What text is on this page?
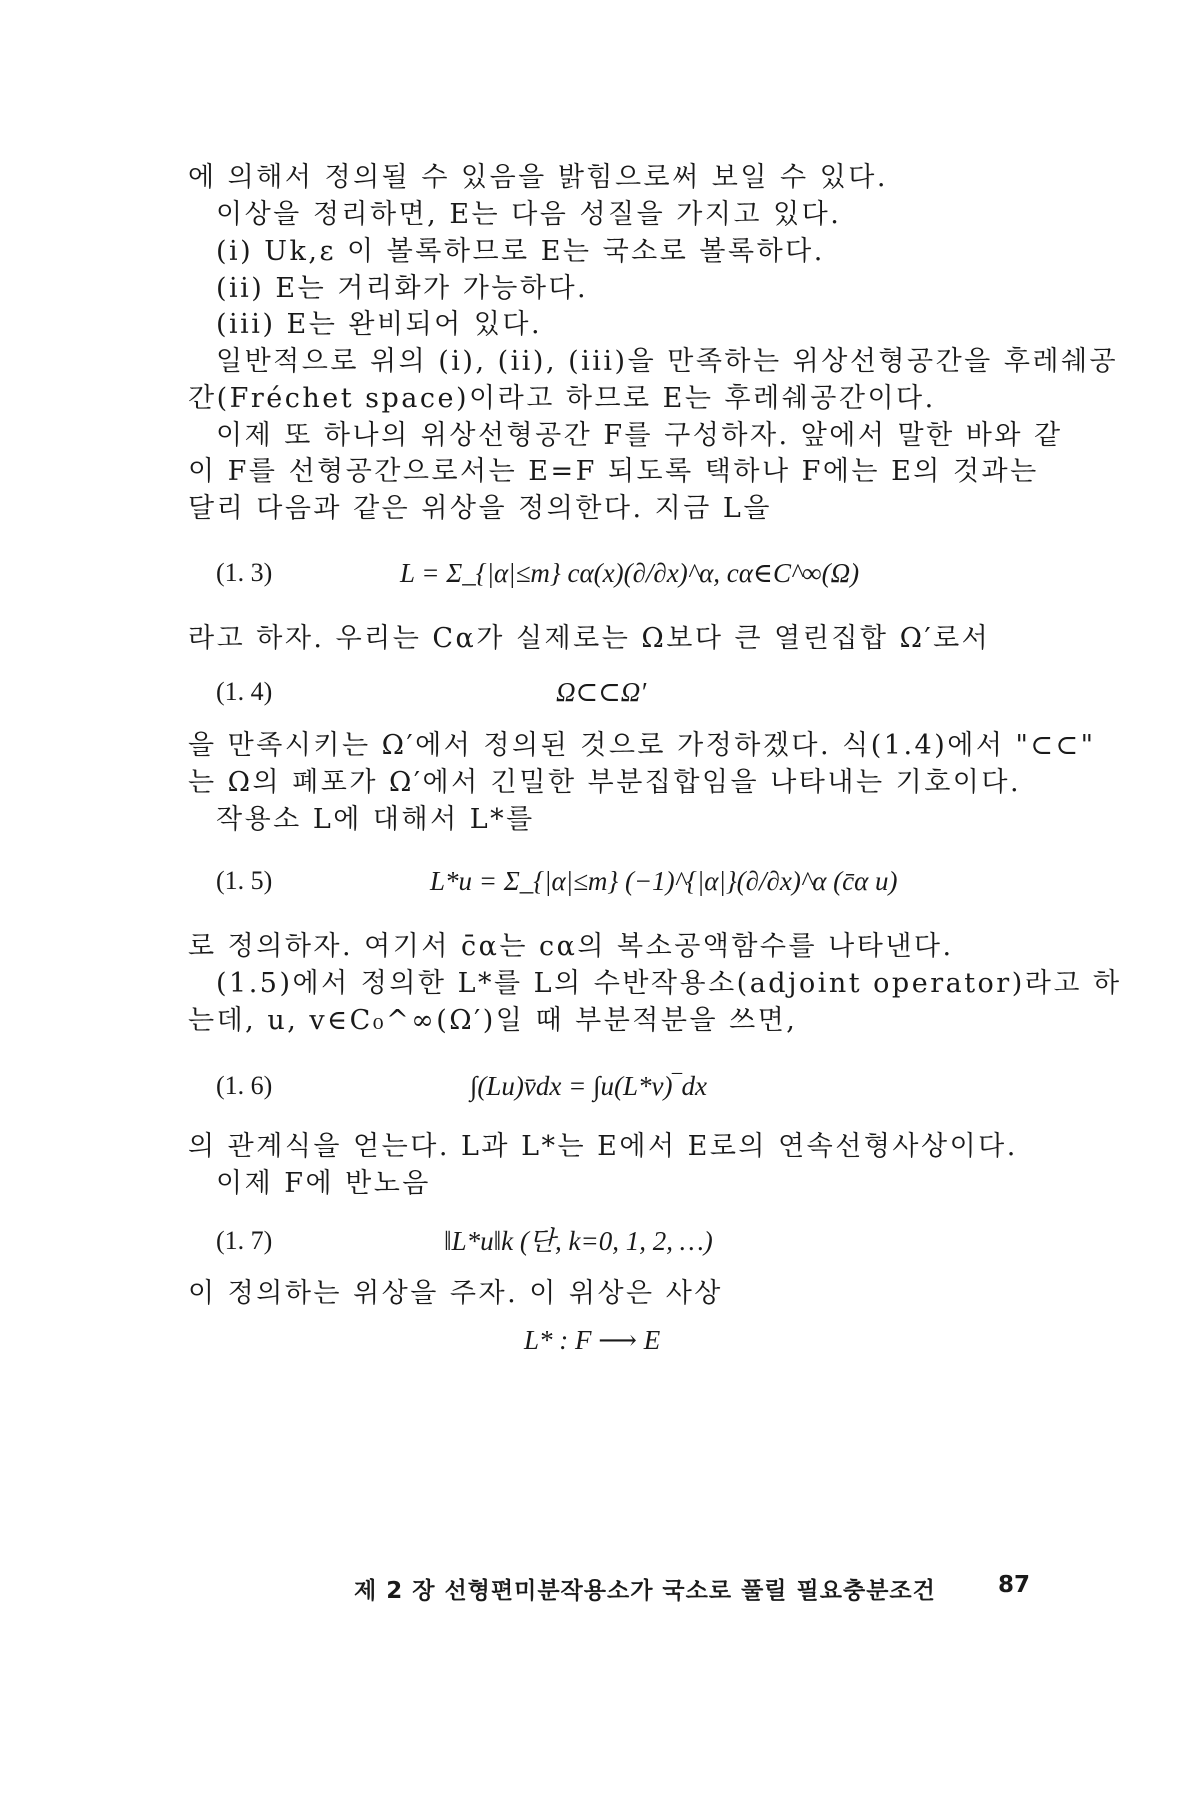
에 의해서 정의될 수 있음을 밝힘으로써 보일 수 있다.
이상을 정리하면, E는 다음 성질을 가지고 있다.
(i) Uk,ε 이 볼록하므로 E는 국소로 볼록하다.
(ii) E는 거리화가 가능하다.
(iii) E는 완비되어 있다.
일반적으로 위의 (i), (ii), (iii)을 만족하는 위상선형공간을 후레쉐공
간(Fréchet space)이라고 하므로 E는 후레쉐공간이다.
이제 또 하나의 위상선형공간 F를 구성하자. 앞에서 말한 바와 같
이 F를 선형공간으로서는 E=F 되도록 택하나 F에는 E의 것과는
달리 다음과 같은 위상을 정의한다. 지금 L을
(1. 3)	L = Σ_{|α|≤m} cα(x)(∂/∂x)^α, cα∈C^∞(Ω)
라고 하자. 우리는 Cα가 실제로는 Ω보다 큰 열린집합 Ω′로서
(1. 4)	Ω⊂⊂Ω′
을 만족시키는 Ω′에서 정의된 것으로 가정하겠다. 식(1.4)에서 "⊂⊂"
는 Ω의 폐포가 Ω′에서 긴밀한 부분집합임을 나타내는 기호이다.
작용소 L에 대해서 L*를
(1. 5)	L*u = Σ_{|α|≤m} (−1)^{|α|}(∂/∂x)^α (c̄α u)
로 정의하자. 여기서 c̄α는 cα의 복소공액함수를 나타낸다.
(1.5)에서 정의한 L*를 L의 수반작용소(adjoint operator)라고 하
는데, u, v∈C₀^∞(Ω′)일 때 부분적분을 쓰면,
(1. 6)	∫(Lu)v̄dx = ∫u(L*v)‾dx
의 관계식을 얻는다. L과 L*는 E에서 E로의 연속선형사상이다.
이제 F에 반노음
(1. 7)	‖L*u‖k (단, k=0, 1, 2, …)
이 정의하는 위상을 주자. 이 위상은 사상
L* : F ⟶ E
제 2 장 선형편미분작용소가 국소로 풀릴 필요충분조건	87
